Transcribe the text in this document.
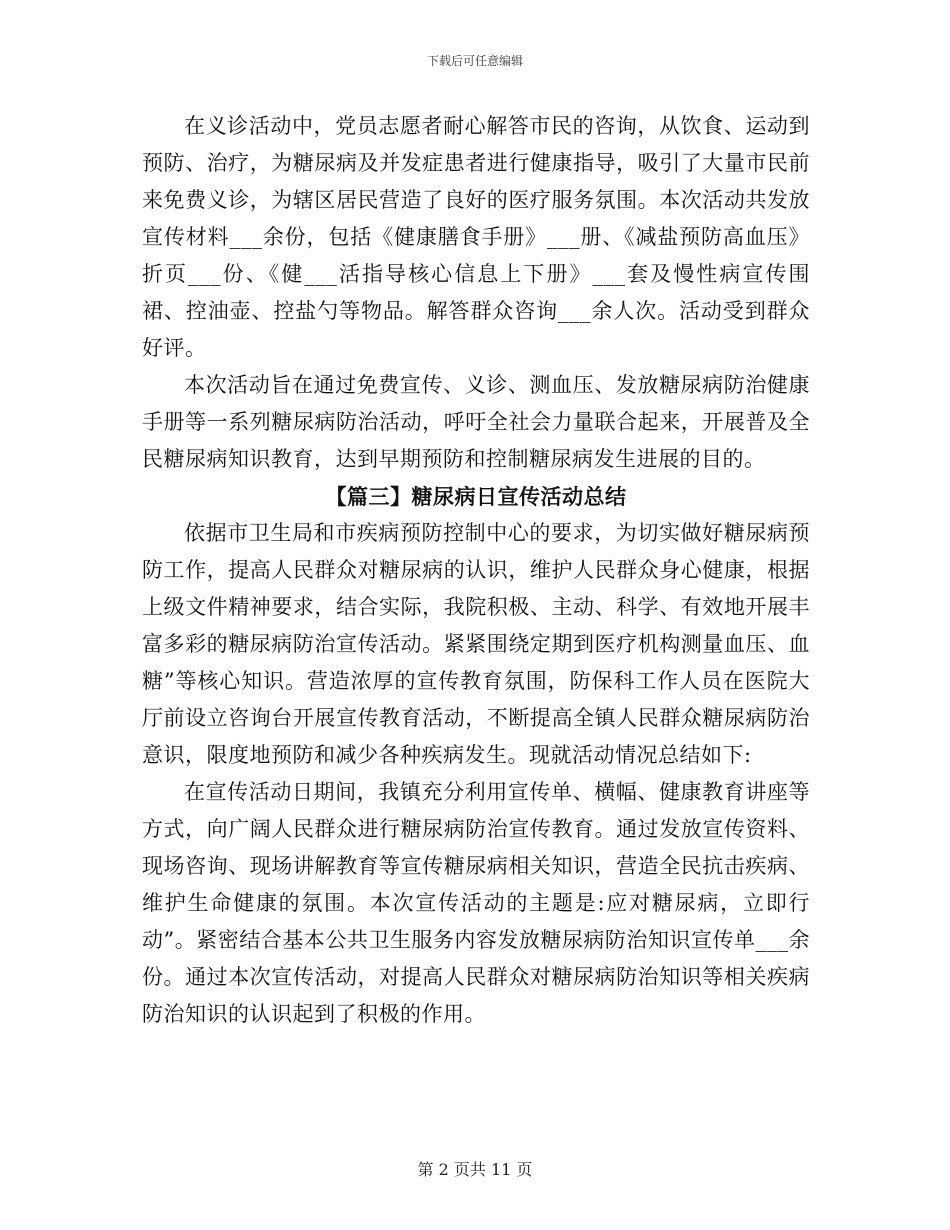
下载后可任意编辑

在义诊活动中，党员志愿者耐心解答市民的咨询，从饮食、运动到预防、治疗，为糖尿病及并发症患者进行健康指导，吸引了大量市民前来免费义诊，为辖区居民营造了良好的医疗服务氛围。本次活动共发放宣传材料___余份，包括《健康膳食手册》___册、《减盐预防高血压》折页___份、《健___活指导核心信息上下册》___套及慢性病宣传围裙、控油壶、控盐勺等物品。解答群众咨询___余人次。活动受到群众好评。

本次活动旨在通过免费宣传、义诊、测血压、发放糖尿病防治健康手册等一系列糖尿病防治活动，呼吁全社会力量联合起来，开展普及全民糖尿病知识教育，达到早期预防和控制糖尿病发生进展的目的。

【篇三】糖尿病日宣传活动总结

依据市卫生局和市疾病预防控制中心的要求，为切实做好糖尿病预防工作，提高人民群众对糖尿病的认识，维护人民群众身心健康，根据上级文件精神要求，结合实际，我院积极、主动、科学、有效地开展丰富多彩的糖尿病防治宣传活动。紧紧围绕定期到医疗机构测量血压、血糖”等核心知识。营造浓厚的宣传教育氛围，防保科工作人员在医院大厅前设立咨询台开展宣传教育活动，不断提高全镇人民群众糖尿病防治意识，限度地预防和减少各种疾病发生。现就活动情况总结如下:

在宣传活动日期间，我镇充分利用宣传单、横幅、健康教育讲座等方式，向广阔人民群众进行糖尿病防治宣传教育。通过发放宣传资料、现场咨询、现场讲解教育等宣传糖尿病相关知识，营造全民抗击疾病、维护生命健康的氛围。本次宣传活动的主题是:应对糖尿病，立即行动”。紧密结合基本公共卫生服务内容发放糖尿病防治知识宣传单___余份。通过本次宣传活动，对提高人民群众对糖尿病防治知识等相关疾病防治知识的认识起到了积极的作用。

第 2 页共 11 页
